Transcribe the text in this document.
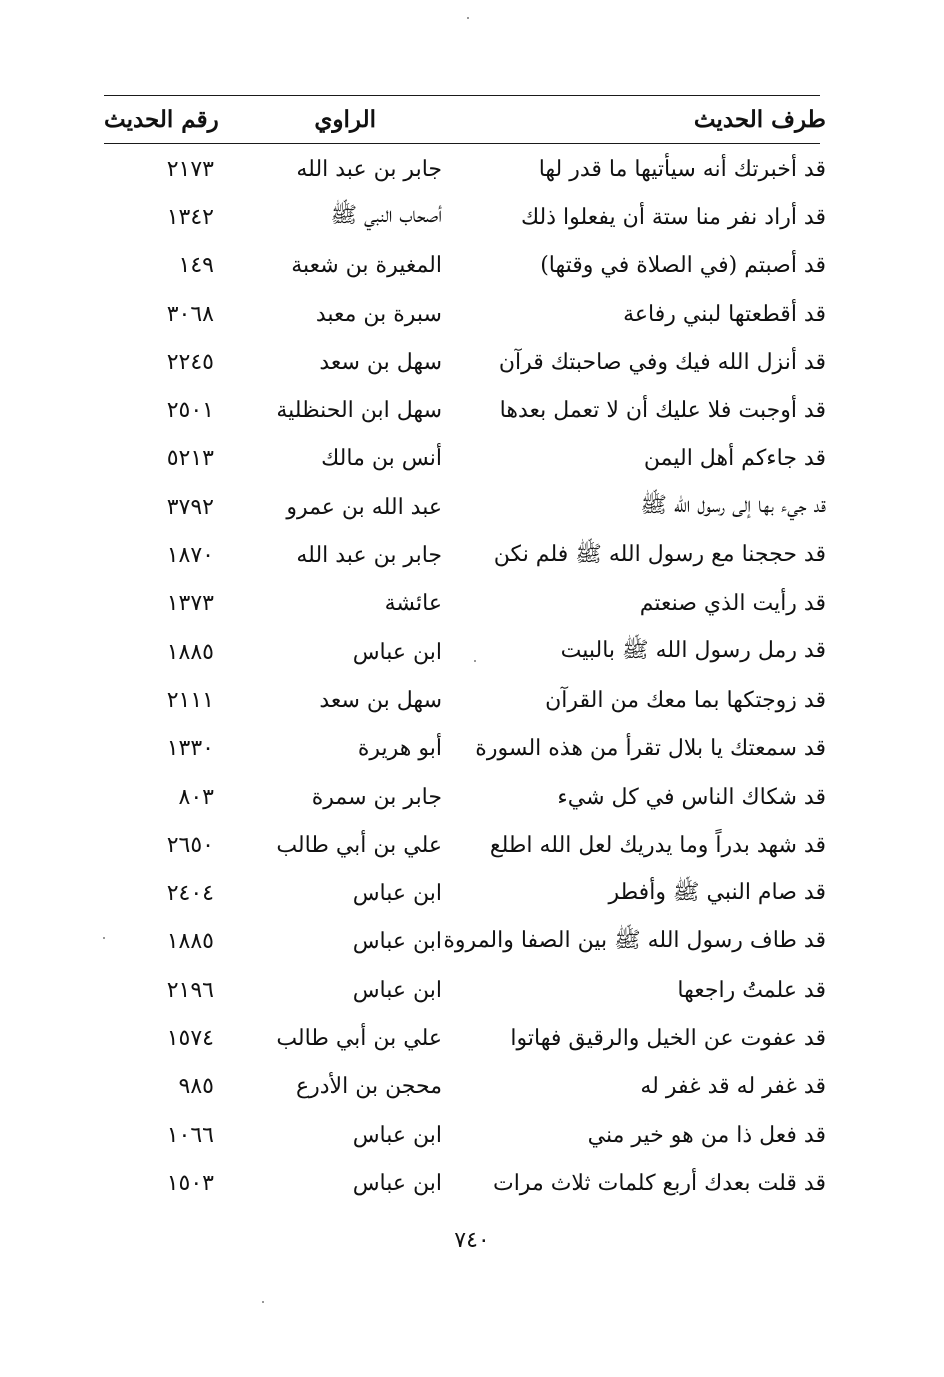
طرف الحديث
الراوي
رقم الحديث
قد أخبرتك أنه سيأتيها ما قدر لها
جابر بن عبد الله
٢١٧٣
قد أراد نفر منا ستة أن يفعلوا ذلك
أصحاب النبي ﷺ
١٣٤٢
قد أصبتم (في الصلاة في وقتها)
المغيرة بن شعبة
١٤٩
قد أقطعتها لبني رفاعة
سبرة بن معبد
٣٠٦٨
قد أنزل الله فيك وفي صاحبتك قرآن
سهل بن سعد
٢٢٤٥
قد أوجبت فلا عليك أن لا تعمل بعدها
سهل ابن الحنظلية
٢٥٠١
قد جاءكم أهل اليمن
أنس بن مالك
٥٢١٣
قد جيء بها إلى رسول الله ﷺ
عبد الله بن عمرو
٣٧٩٢
قد حججنا مع رسول الله ﷺ فلم نكن
جابر بن عبد الله
١٨٧٠
قد رأيت الذي صنعتم
عائشة
١٣٧٣
قد رمل رسول الله ﷺ بالبيت
ابن عباس
١٨٨٥
قد زوجتكها بما معك من القرآن
سهل بن سعد
٢١١١
قد سمعتك يا بلال تقرأ من هذه السورة
أبو هريرة
١٣٣٠
قد شكاك الناس في كل شيء
جابر بن سمرة
٨٠٣
قد شهد بدراً وما يدريك لعل الله اطلع
علي بن أبي طالب
٢٦٥٠
قد صام النبي ﷺ وأفطر
ابن عباس
٢٤٠٤
قد طاف رسول الله ﷺ بين الصفا والمروة
ابن عباس
١٨٨٥
قد علمتُ راجعها
ابن عباس
٢١٩٦
قد عفوت عن الخيل والرقيق فهاتوا
علي بن أبي طالب
١٥٧٤
قد غفر له قد غفر له
محجن بن الأدرع
٩٨٥
قد فعل ذا من هو خير مني
ابن عباس
١٠٦٦
قد قلت بعدك أربع كلمات ثلاث مرات
ابن عباس
١٥٠٣
٧٤٠
